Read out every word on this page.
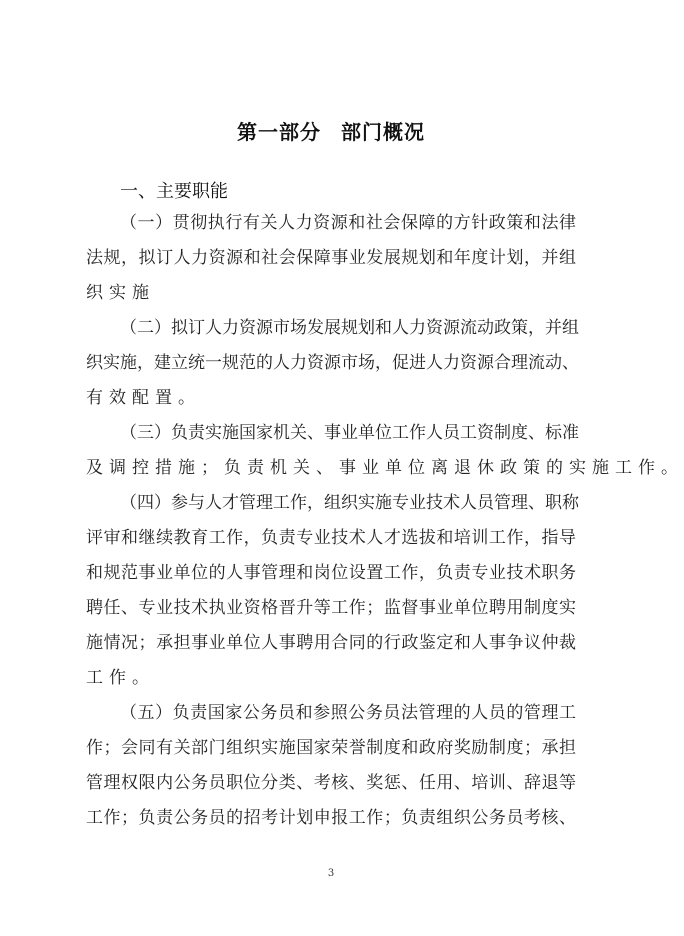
第一部分 部门概况
一、主要职能
（一）贯彻执行有关人力资源和社会保障的方针政策和法律
法规，拟订人力资源和社会保障事业发展规划和年度计划，并组
织实施
（二）拟订人力资源市场发展规划和人力资源流动政策，并组
织实施，建立统一规范的人力资源市场，促进人力资源合理流动、
有效配置。
（三）负责实施国家机关、事业单位工作人员工资制度、标准
及调控措施；负责机关、事业单位离退休政策的实施工作。
（四）参与人才管理工作，组织实施专业技术人员管理、职称
评审和继续教育工作，负责专业技术人才选拔和培训工作，指导
和规范事业单位的人事管理和岗位设置工作，负责专业技术职务
聘任、专业技术执业资格晋升等工作；监督事业单位聘用制度实
施情况；承担事业单位人事聘用合同的行政鉴定和人事争议仲裁
工作。
（五）负责国家公务员和参照公务员法管理的人员的管理工
作；会同有关部门组织实施国家荣誉制度和政府奖励制度；承担
管理权限内公务员职位分类、考核、奖惩、任用、培训、辞退等
工作；负责公务员的招考计划申报工作；负责组织公务员考核、
3
